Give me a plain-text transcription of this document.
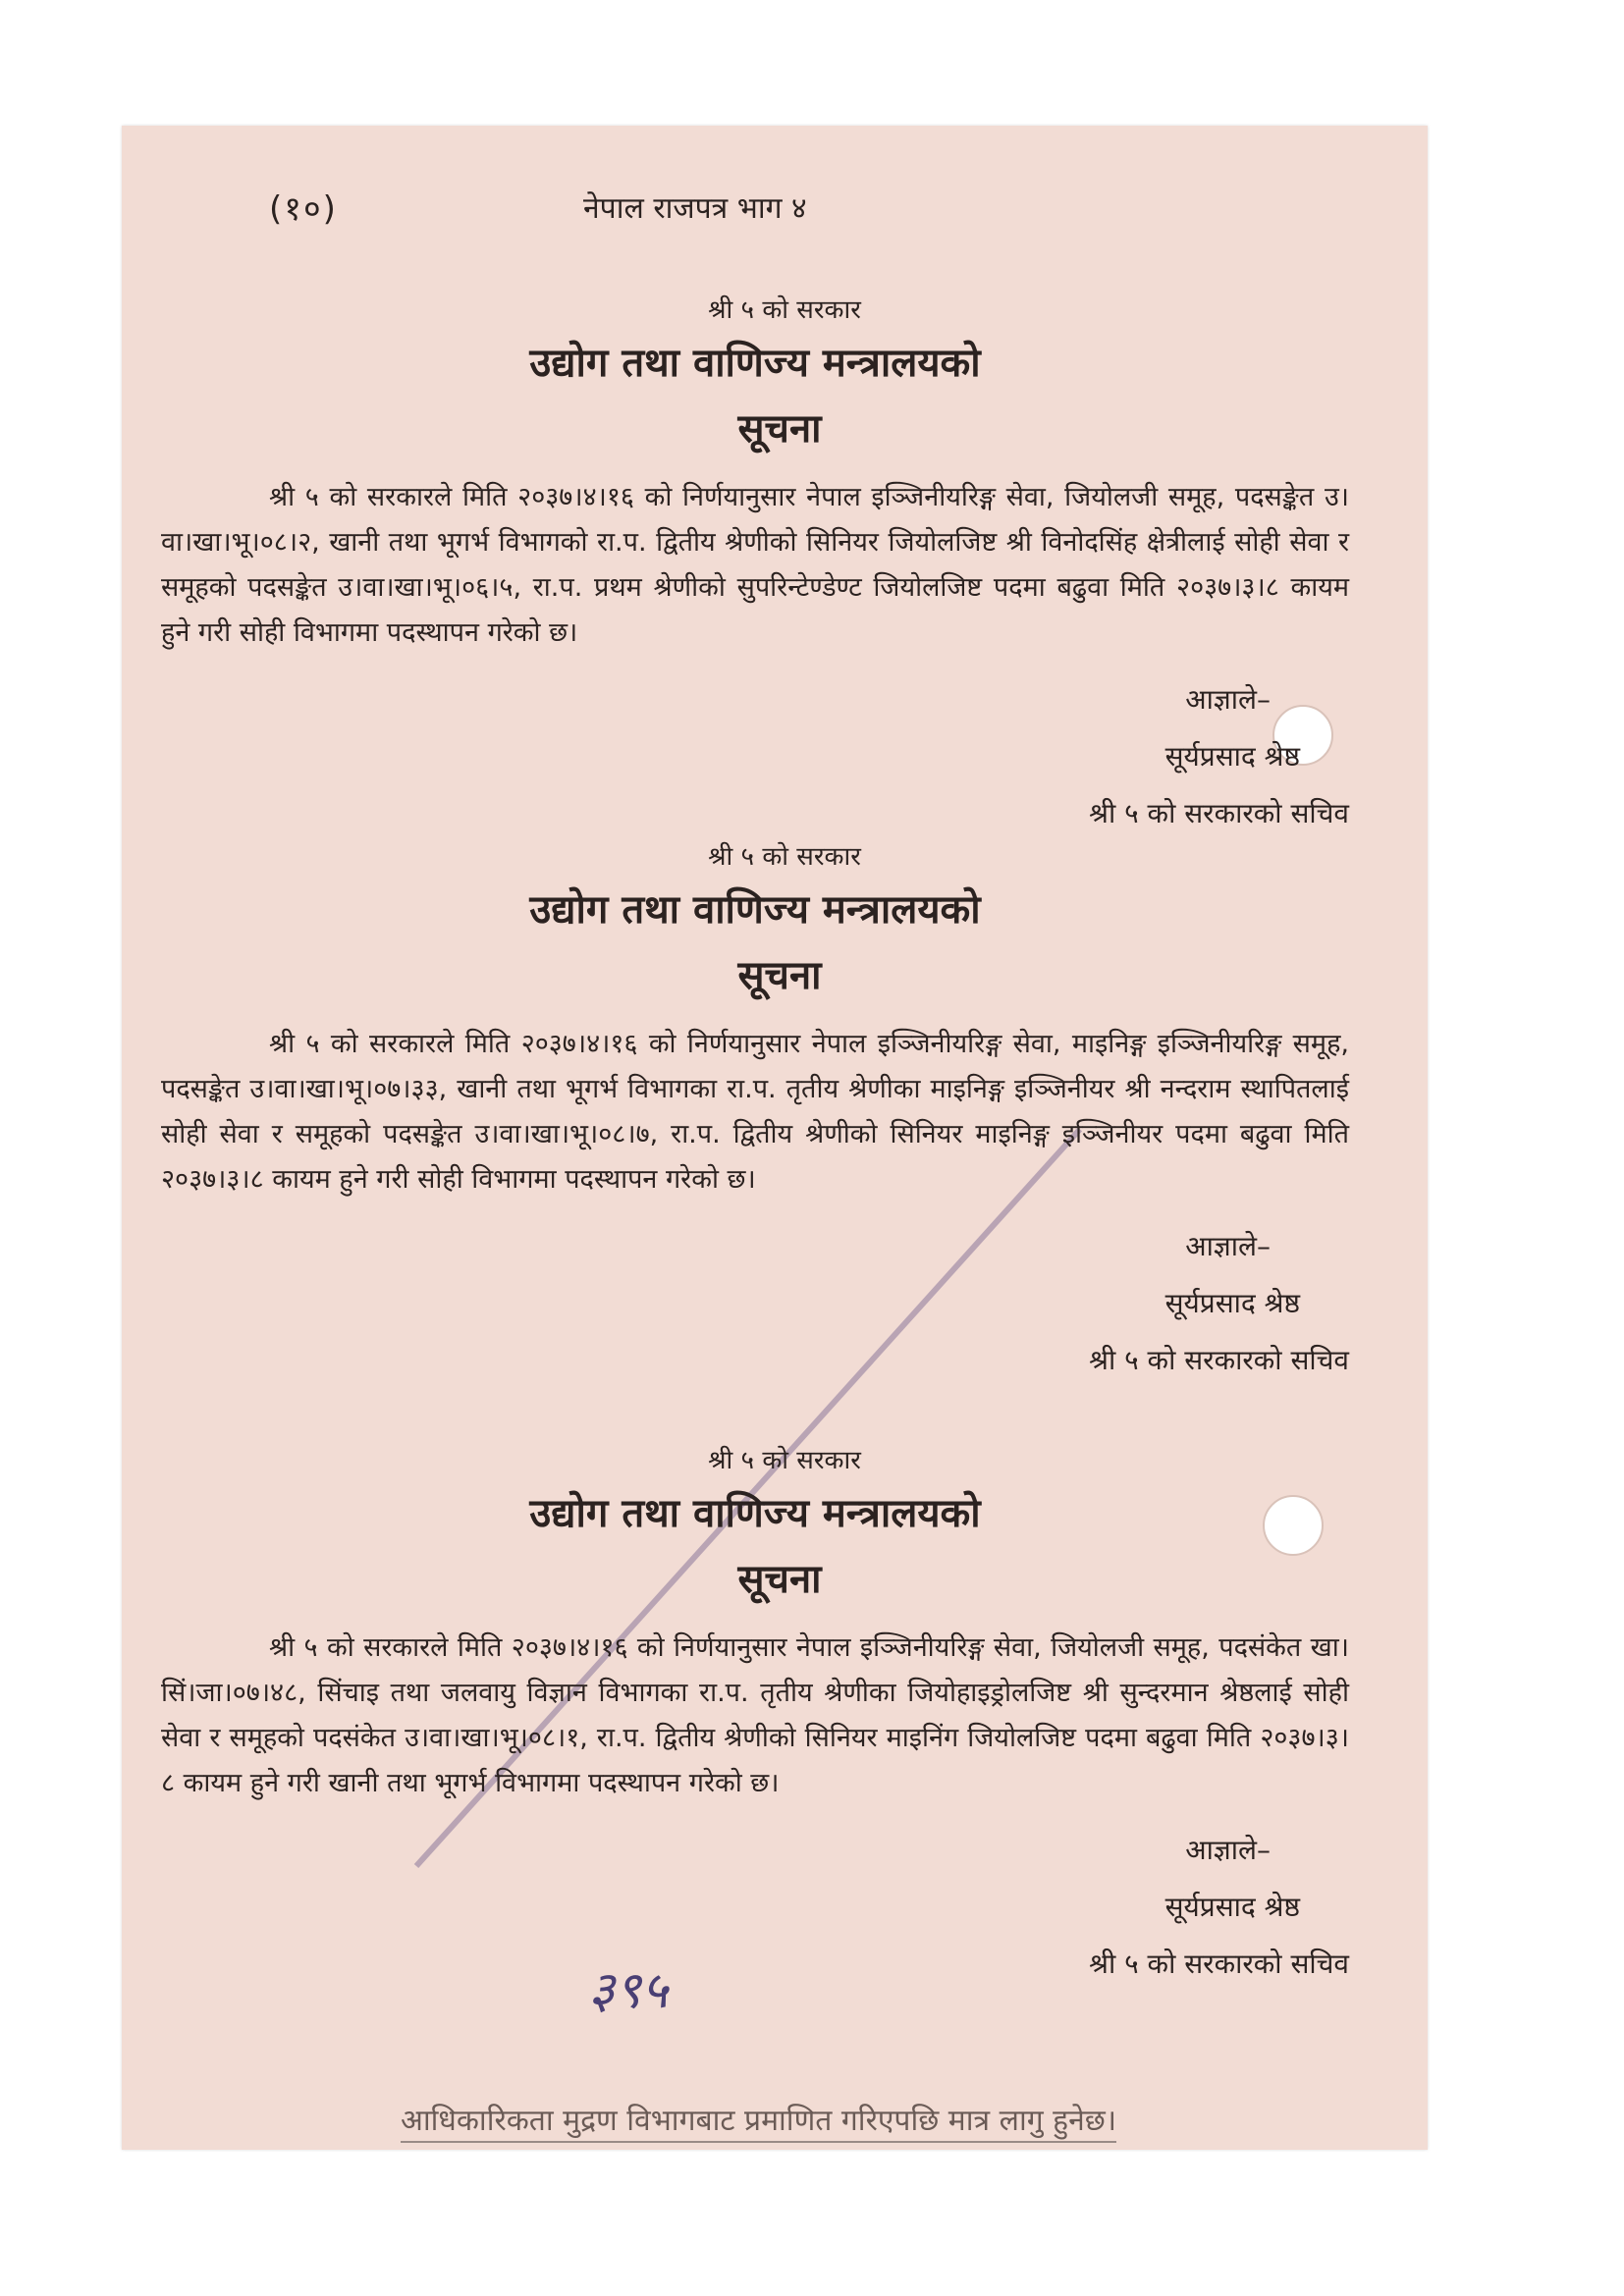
(१०)	नेपाल राजपत्र भाग ४
श्री ५ को सरकार
उद्योग तथा वाणिज्य मन्त्रालयको
सूचना
श्री ५ को सरकारले मिति २०३७।४।१६ को निर्णयानुसार नेपाल इञ्जिनीयरिङ्ग सेवा, जियोलजी समूह, पदसङ्केत उ।वा।खा।भू।०८।२, खानी तथा भूगर्भ विभागको रा.प. द्वितीय श्रेणीको सिनियर जियोलजिष्ट श्री विनोदसिंह क्षेत्रीलाई सोही सेवा र समूहको पदसङ्केत उ।वा।खा।भू।०६।५, रा.प. प्रथम श्रेणीको सुपरिन्टेण्डेण्ट जियोलजिष्ट पदमा बढुवा मिति २०३७।३।८ कायम हुने गरी सोही विभागमा पदस्थापन गरेको छ।
आज्ञाले–
सूर्यप्रसाद श्रेष्ठ
श्री ५ को सरकारको सचिव
श्री ५ को सरकार
उद्योग तथा वाणिज्य मन्त्रालयको
सूचना
श्री ५ को सरकारले मिति २०३७।४।१६ को निर्णयानुसार नेपाल इञ्जिनीयरिङ्ग सेवा, माइनिङ्ग इञ्जिनीयरिङ्ग समूह, पदसङ्केत उ।वा।खा।भू।०७।३३, खानी तथा भूगर्भ विभागका रा.प. तृतीय श्रेणीका माइनिङ्ग इञ्जिनीयर श्री नन्दराम स्थापितलाई सोही सेवा र समूहको पदसङ्केत उ।वा।खा।भू।०८।७, रा.प. द्वितीय श्रेणीको सिनियर माइनिङ्ग इञ्जिनीयर पदमा बढुवा मिति २०३७।३।८ कायम हुने गरी सोही विभागमा पदस्थापन गरेको छ।
आज्ञाले–
सूर्यप्रसाद श्रेष्ठ
श्री ५ को सरकारको सचिव
श्री ५ को सरकार
उद्योग तथा वाणिज्य मन्त्रालयको
सूचना
श्री ५ को सरकारले मिति २०३७।४।१६ को निर्णयानुसार नेपाल इञ्जिनीयरिङ्ग सेवा, जियोलजी समूह, पदसंकेत खा।सिं।जा।०७।४८, सिंचाइ तथा जलवायु विज्ञान विभागका रा.प. तृतीय श्रेणीका जियोहाइड्रोलजिष्ट श्री सुन्दरमान श्रेष्ठलाई सोही सेवा र समूहको पदसंकेत उ।वा।खा।भू।०८।१, रा.प. द्वितीय श्रेणीको सिनियर माइनिंग जियोलजिष्ट पदमा बढुवा मिति २०३७।३।८ कायम हुने गरी खानी तथा भूगर्भ विभागमा पदस्थापन गरेको छ।
आज्ञाले–
सूर्यप्रसाद श्रेष्ठ
श्री ५ को सरकारको सचिव
३९५
आधिकारिकता मुद्रण विभागबाट प्रमाणित गरिएपछि मात्र लागु हुनेछ।
